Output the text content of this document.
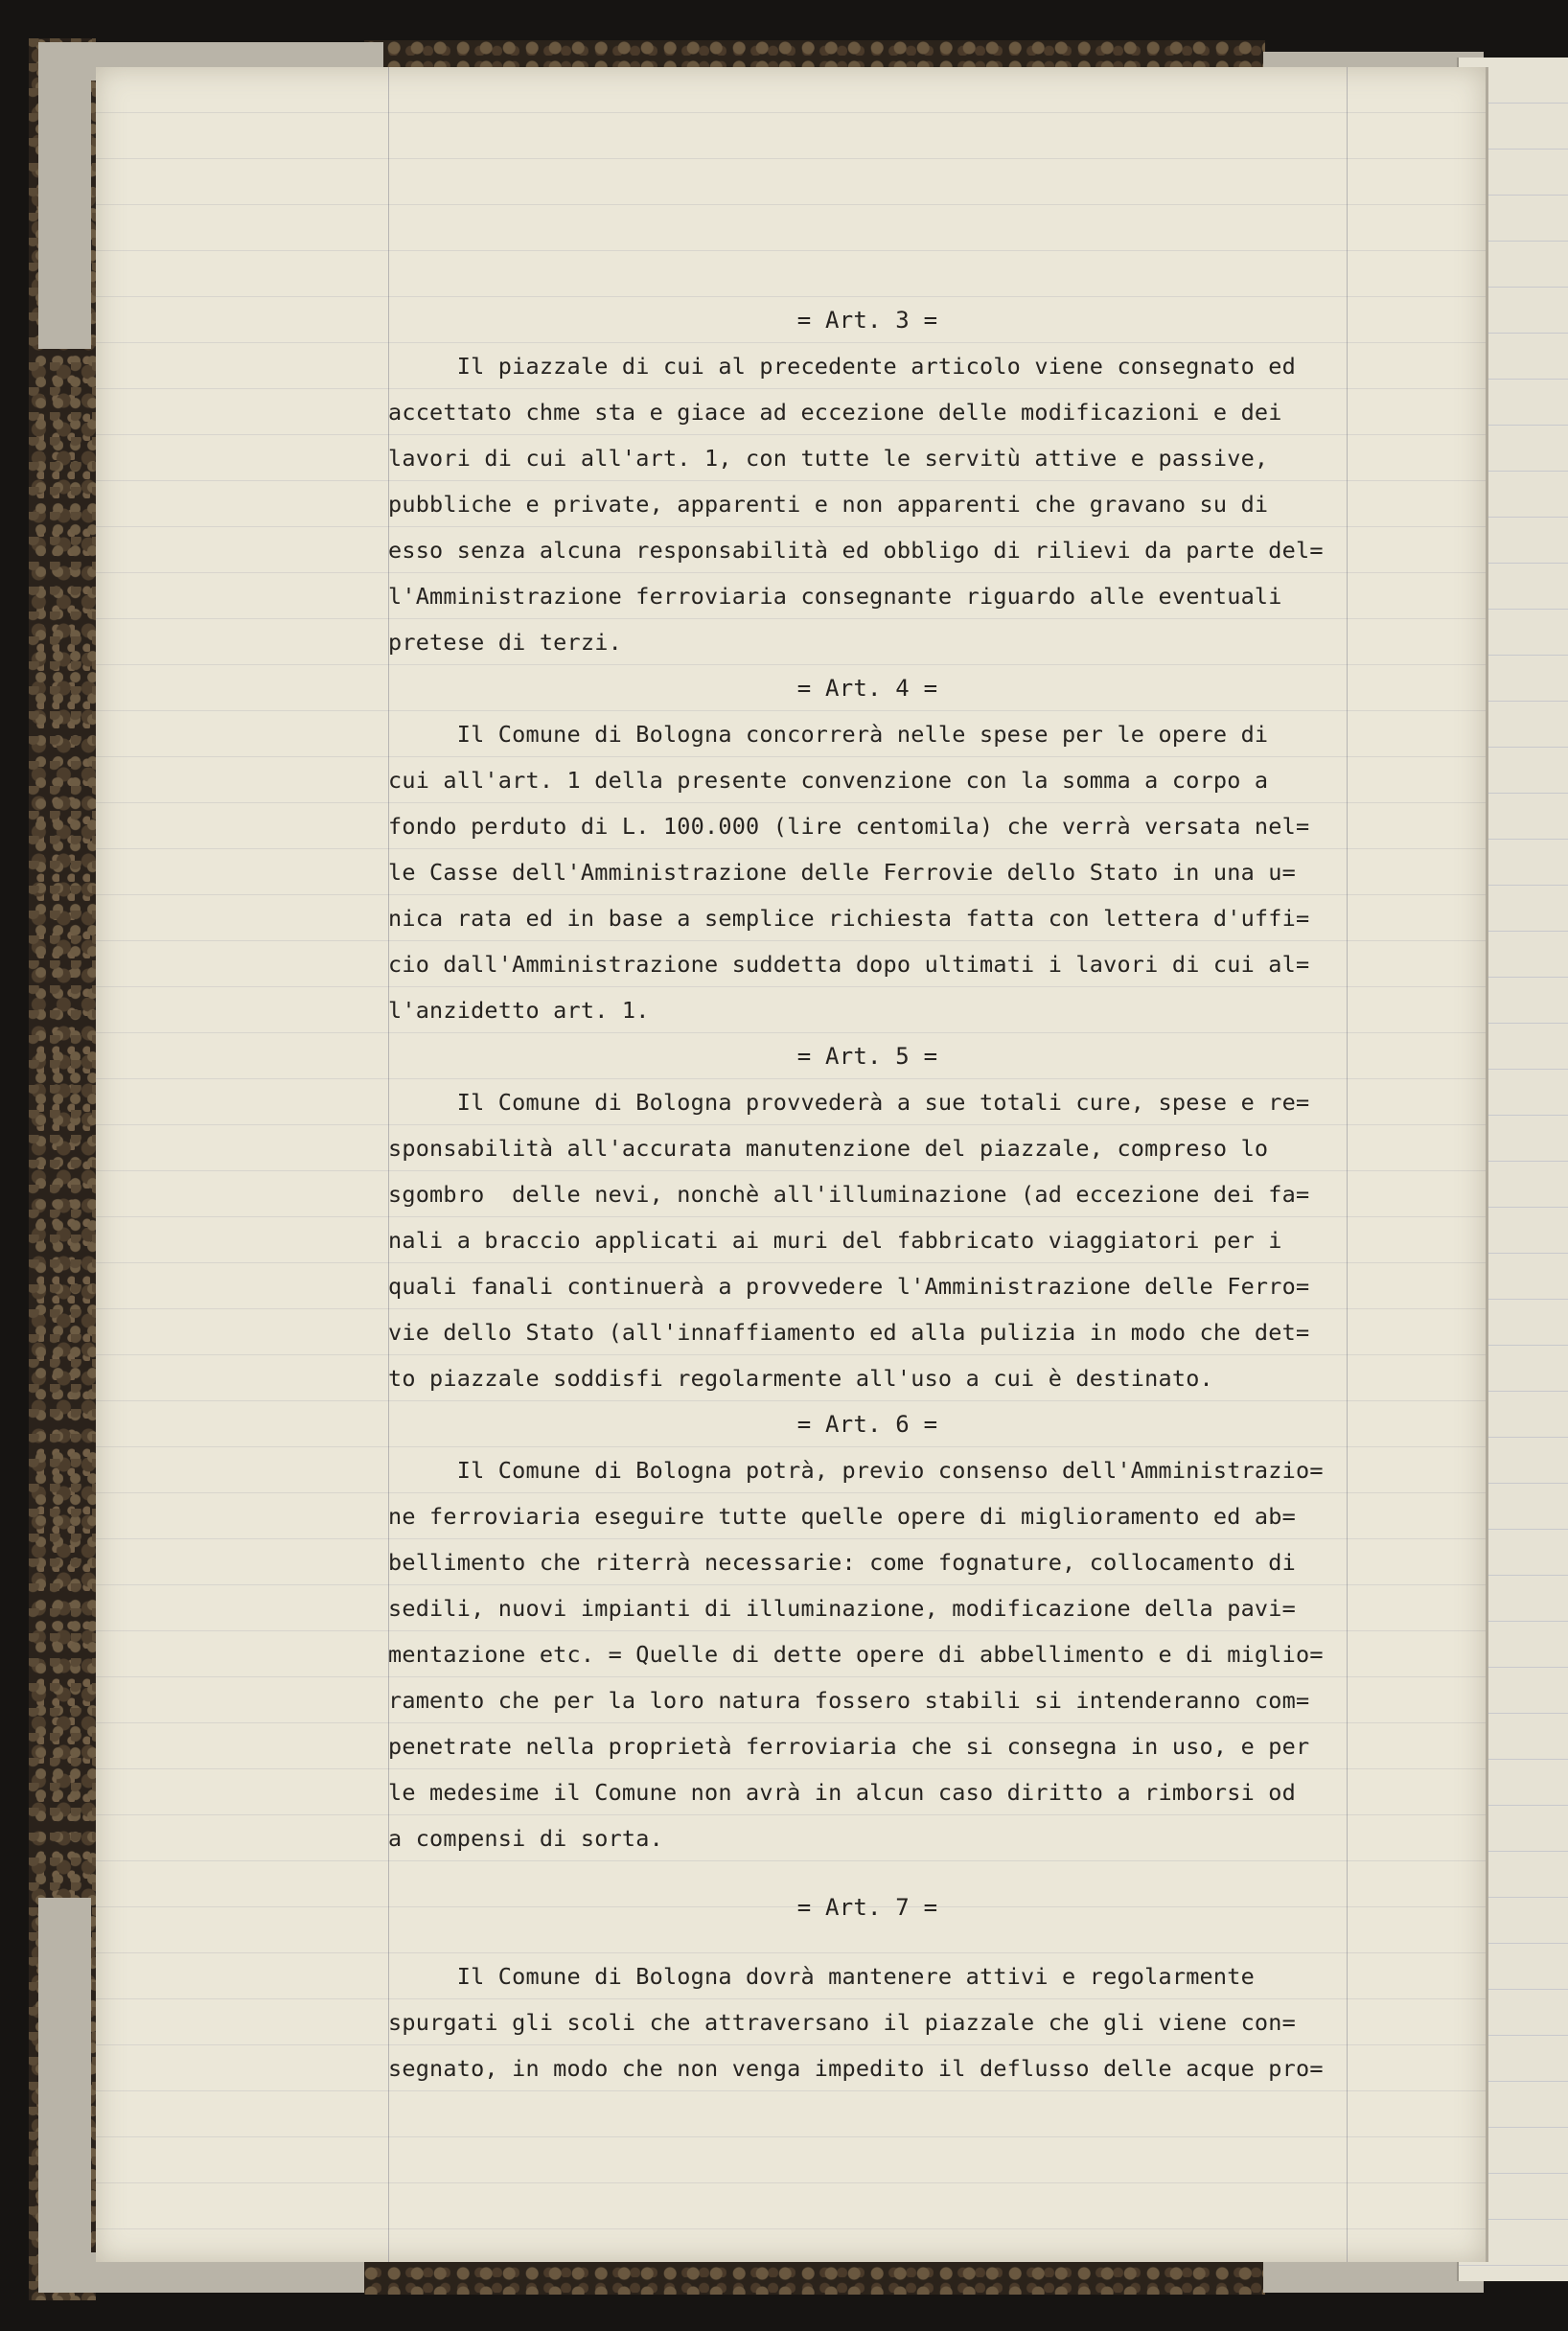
= Art. 3 =
Il piazzale di cui al precedente articolo viene consegnato ed
accettato chme sta e giace ad eccezione delle modificazioni e dei
lavori di cui all'art. 1, con tutte le servitù attive e passive,
pubbliche e private, apparenti e non apparenti che gravano su di
esso senza alcuna responsabilità ed obbligo di rilievi da parte del=
l'Amministrazione ferroviaria consegnante riguardo alle eventuali
pretese di terzi.
= Art. 4 =
Il Comune di Bologna concorrerà nelle spese per le opere di
cui all'art. 1 della presente convenzione con la somma a corpo a
fondo perduto di L. 100.000 (lire centomila) che verrà versata nel=
le Casse dell'Amministrazione delle Ferrovie dello Stato in una u=
nica rata ed in base a semplice richiesta fatta con lettera d'uffi=
cio dall'Amministrazione suddetta dopo ultimati i lavori di cui al=
l'anzidetto art. 1.
= Art. 5 =
Il Comune di Bologna provvederà a sue totali cure, spese e re=
sponsabilità all'accurata manutenzione del piazzale, compreso lo
sgombro  delle nevi, nonchè all'illuminazione (ad eccezione dei fa=
nali a braccio applicati ai muri del fabbricato viaggiatori per i
quali fanali continuerà a provvedere l'Amministrazione delle Ferro=
vie dello Stato (all'innaffiamento ed alla pulizia in modo che det=
to piazzale soddisfi regolarmente all'uso a cui è destinato.
= Art. 6 =
Il Comune di Bologna potrà, previo consenso dell'Amministrazio=
ne ferroviaria eseguire tutte quelle opere di miglioramento ed ab=
bellimento che riterrà necessarie: come fognature, collocamento di
sedili, nuovi impianti di illuminazione, modificazione della pavi=
mentazione etc. = Quelle di dette opere di abbellimento e di miglio=
ramento che per la loro natura fossero stabili si intenderanno com=
penetrate nella proprietà ferroviaria che si consegna in uso, e per
le medesime il Comune non avrà in alcun caso diritto a rimborsi od
a compensi di sorta.
= Art. 7 =
Il Comune di Bologna dovrà mantenere attivi e regolarmente
spurgati gli scoli che attraversano il piazzale che gli viene con=
segnato, in modo che non venga impedito il deflusso delle acque pro=
